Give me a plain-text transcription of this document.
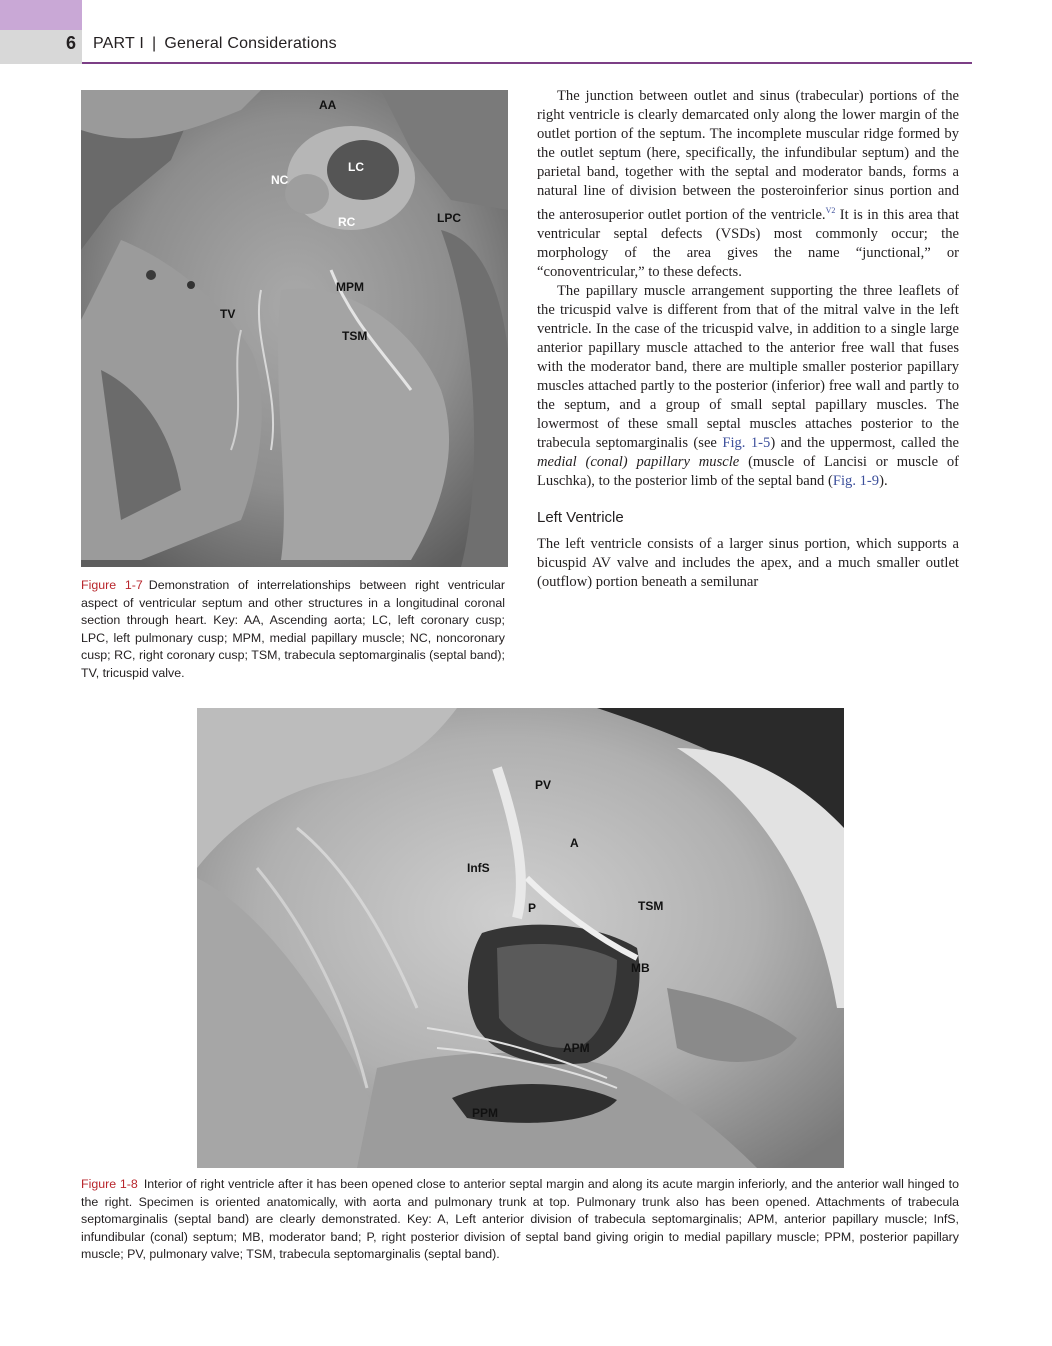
6 PART I | General Considerations
AA
NC
LC
RC	LPC
MPM
TV
TSM
Figure 1-7 Demonstration of interrelationships between right ventricular aspect of ventricular septum and other structures in a longitudinal coronal section through heart. Key: AA, Ascending aorta; LC, left coronary cusp; LPC, left pulmonary cusp; MPM, medial papillary muscle; NC, noncoronary cusp; RC, right coronary cusp; TSM, trabecula septomarginalis (septal band); TV, tricuspid valve.

The junction between outlet and sinus (trabecular) portions of the right ventricle is clearly demarcated only along the lower margin of the outlet portion of the septum. The incomplete muscular ridge formed by the outlet septum (here, specifically, the infundibular septum) and the parietal band, together with the septal and moderator bands, forms a natural line of division between the posteroinferior sinus portion and the anterosuperior outlet portion of the ventricle.$^{V2}$ It is in this area that ventricular septal defects (VSDs) most commonly occur; the morphology of the area gives the name “junctional,” or “conoventricular,” to these defects.

The papillary muscle arrangement supporting the three leaflets of the tricuspid valve is different from that of the mitral valve in the left ventricle. In the case of the tricuspid valve, in addition to a single large anterior papillary muscle attached to the anterior free wall that fuses with the moderator band, there are multiple smaller posterior papillary muscles attached partly to the posterior (inferior) free wall and partly to the septum, and a group of small septal papillary muscles. The lowermost of these small septal muscles attaches posterior to the trabecula septomarginalis (see Fig. 1-5) and the uppermost, called the medial (conal) papillary muscle (muscle of Lancisi or muscle of Luschka), to the posterior limb of the septal band (Fig. 1-9).

Left Ventricle

The left ventricle consists of a larger sinus portion, which supports a bicuspid AV valve and includes the apex, and a much smaller outlet (outflow) portion beneath a semilunar

PV
A
InfS
P	TSM
MB
APM
PPM
Figure 1-8 Interior of right ventricle after it has been opened close to anterior septal margin and along its acute margin inferiorly, and the anterior wall hinged to the right. Specimen is oriented anatomically, with aorta and pulmonary trunk at top. Pulmonary trunk also has been opened. Attachments of trabecula septomarginalis (septal band) are clearly demonstrated. Key: A, Left anterior division of trabecula septomarginalis; APM, anterior papillary muscle; InfS, infundibular (conal) septum; MB, moderator band; P, right posterior division of septal band giving origin to medial papillary muscle; PPM, posterior papillary muscle; PV, pulmonary valve; TSM, trabecula septomarginalis (septal band).
